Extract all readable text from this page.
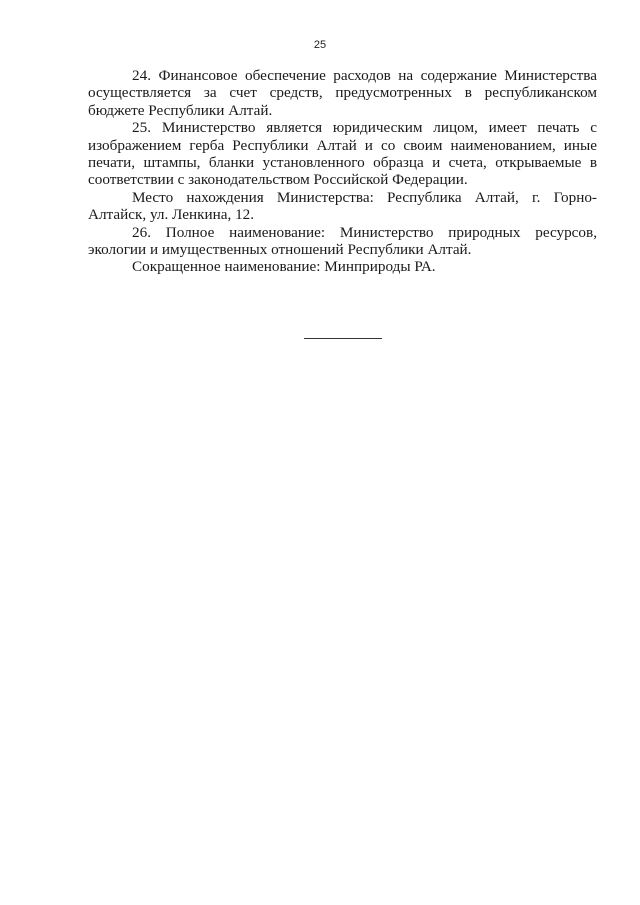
25

24. Финансовое обеспечение расходов на содержание Министерства осуществляется за счет средств, предусмотренных в республиканском бюджете Республики Алтай.

25. Министерство является юридическим лицом, имеет печать с изображением герба Республики Алтай и со своим наименованием, иные печати, штампы, бланки установленного образца и счета, открываемые в соответствии с законодательством Российской Федерации.

Место нахождения Министерства: Республика Алтай, г. Горно-Алтайск, ул. Ленкина, 12.

26. Полное наименование: Министерство природных ресурсов, экологии и имущественных отношений Республики Алтай.

Сокращенное наименование: Минприроды РА.
